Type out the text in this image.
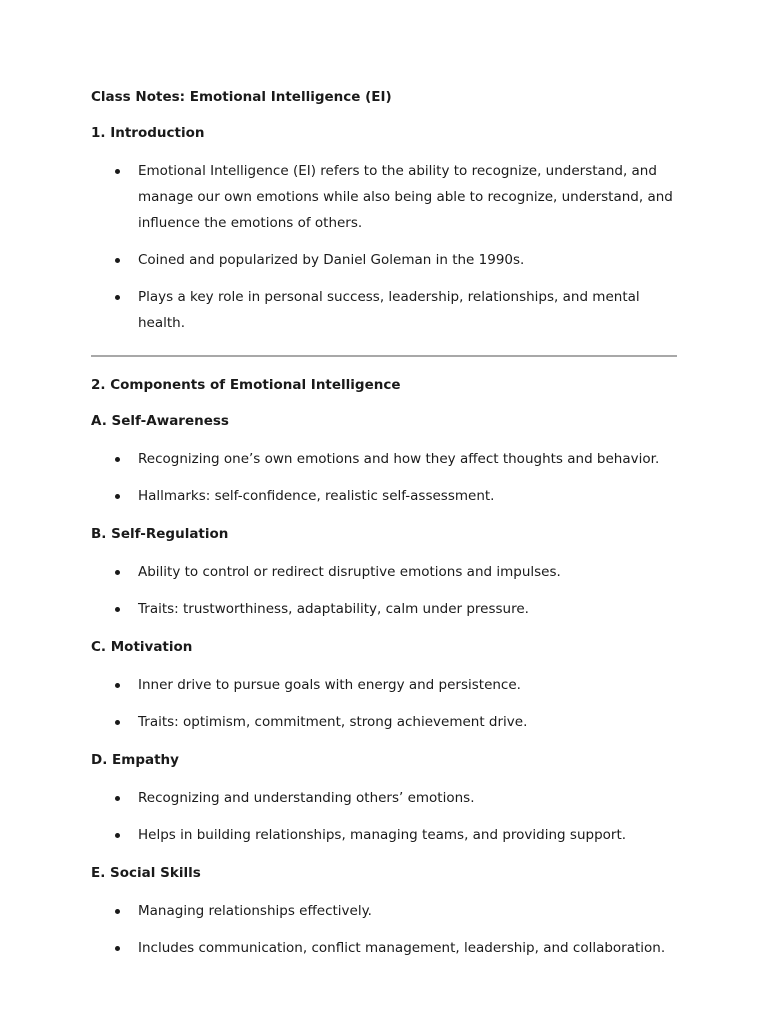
Class Notes: Emotional Intelligence (EI)
1. Introduction
Emotional Intelligence (EI) refers to the ability to recognize, understand, and manage our own emotions while also being able to recognize, understand, and influence the emotions of others.
Coined and popularized by Daniel Goleman in the 1990s.
Plays a key role in personal success, leadership, relationships, and mental health.
2. Components of Emotional Intelligence
A. Self-Awareness
Recognizing one’s own emotions and how they affect thoughts and behavior.
Hallmarks: self-confidence, realistic self-assessment.
B. Self-Regulation
Ability to control or redirect disruptive emotions and impulses.
Traits: trustworthiness, adaptability, calm under pressure.
C. Motivation
Inner drive to pursue goals with energy and persistence.
Traits: optimism, commitment, strong achievement drive.
D. Empathy
Recognizing and understanding others’ emotions.
Helps in building relationships, managing teams, and providing support.
E. Social Skills
Managing relationships effectively.
Includes communication, conflict management, leadership, and collaboration.
